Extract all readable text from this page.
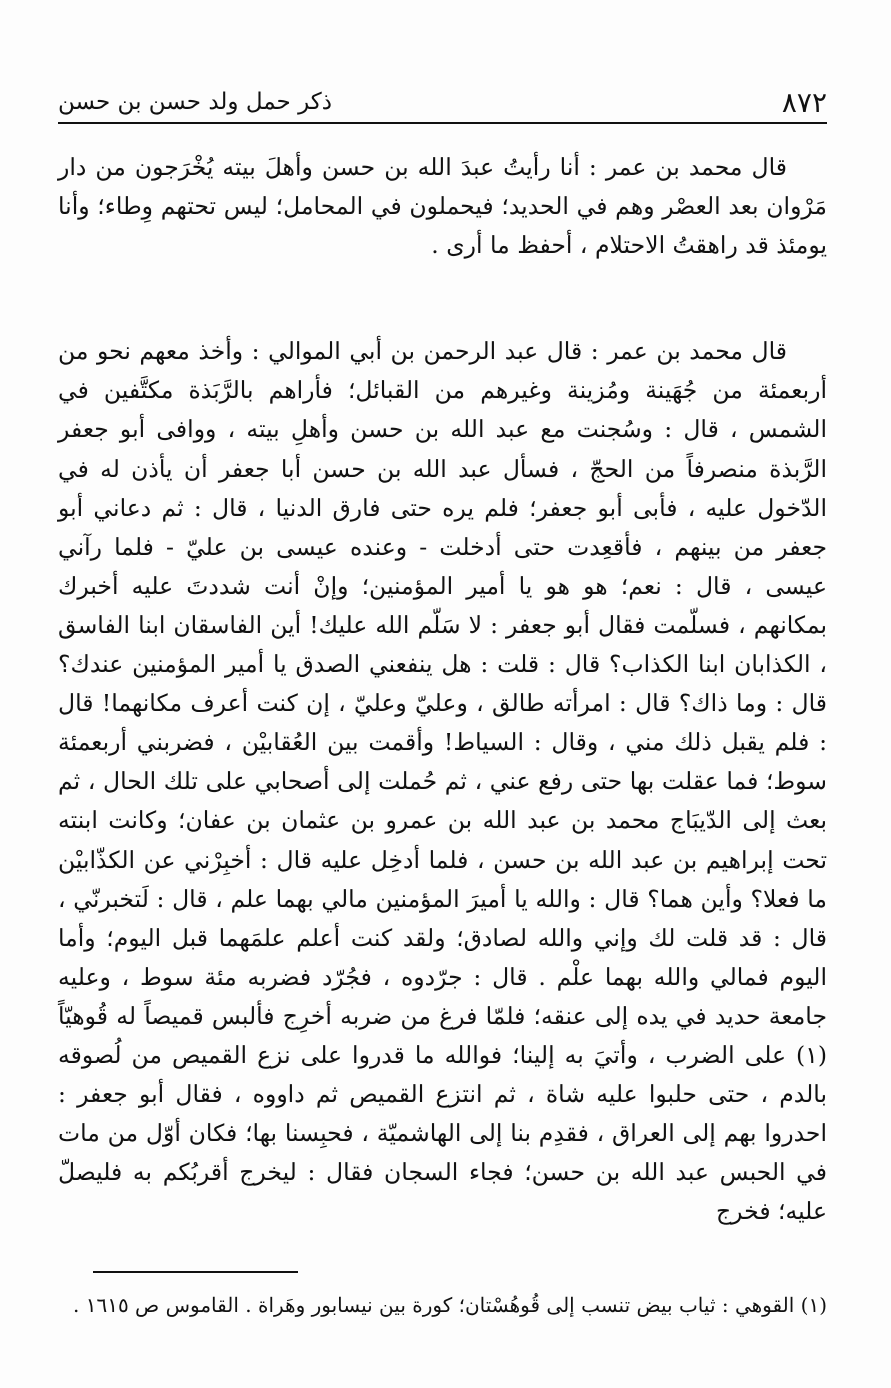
٨٧٢
ذكر حمل ولد حسن بن حسن

قال محمد بن عمر : أنا رأيتُ عبدَ الله بن حسن وأهلَ بيته يُخْرَجون من دار مَرْوان بعد العصْر وهم في الحديد؛ فيحملون في المحامل؛ ليس تحتهم وِطاء؛ وأنا يومئذ قد راهقتُ الاحتلام ، أحفظ ما أرى .

قال محمد بن عمر : قال عبد الرحمن بن أبي الموالي : وأخذ معهم نحو من أربعمئة من جُهَينة ومُزينة وغيرهم من القبائل؛ فأراهم بالرَّبَذة مكتَّفين في الشمس ، قال : وسُجنت مع عبد الله بن حسن وأهلِ بيته ، ووافى أبو جعفر الرَّبذة منصرفاً من الحجّ ، فسأل عبد الله بن حسن أبا جعفر أن يأذن له في الدّخول عليه ، فأبى أبو جعفر؛ فلم يره حتى فارق الدنيا ، قال : ثم دعاني أبو جعفر من بينهم ، فأقعِدت حتى أدخلت - وعنده عيسى بن عليّ - فلما رآني عيسى ، قال : نعم؛ هو هو يا أمير المؤمنين؛ وإنْ أنت شددتَ عليه أخبرك بمكانهم ، فسلّمت فقال أبو جعفر : لا سَلّم الله عليك! أين الفاسقان ابنا الفاسق ، الكذابان ابنا الكذاب؟ قال : قلت : هل ينفعني الصدق يا أمير المؤمنين عندك؟ قال : وما ذاك؟ قال : امرأته طالق ، وعليّ وعليّ ، إن كنت أعرف مكانهما! قال : فلم يقبل ذلك مني ، وقال : السياط! وأقمت بين العُقابيْن ، فضربني أربعمئة سوط؛ فما عقلت بها حتى رفع عني ، ثم حُملت إلى أصحابي على تلك الحال ، ثم بعث إلى الدّيبَاج محمد بن عبد الله بن عمرو بن عثمان بن عفان؛ وكانت ابنته تحت إبراهيم بن عبد الله بن حسن ، فلما أدخِل عليه قال : أخبِرْني عن الكذّابيْن ما فعلا؟ وأين هما؟ قال : والله يا أميرَ المؤمنين مالي بهما علم ، قال : لَتخبرنّي ، قال : قد قلت لك وإني والله لصادق؛ ولقد كنت أعلم علمَهما قبل اليوم؛ وأما اليوم فمالي والله بهما علْم . قال : جرّدوه ، فجُرّد فضربه مئة سوط ، وعليه جامعة حديد في يده إلى عنقه؛ فلمّا فرغ من ضربه أخرِج فألبس قميصاً له قُوهيّاً (١) على الضرب ، وأتيَ به إلينا؛ فوالله ما قدروا على نزع القميص من لُصوقه بالدم ، حتى حلبوا عليه شاة ، ثم انتزع القميص ثم داووه ، فقال أبو جعفر : احدروا بهم إلى العراق ، فقدِم بنا إلى الهاشميّة ، فحبِسنا بها؛ فكان أوّل من مات في الحبس عبد الله بن حسن؛ فجاء السجان فقال : ليخرج أقربُكم به فليصلّ عليه؛ فخرج

(١) القوهي : ثياب بيض تنسب إلى قُوهُسْتان؛ كورة بين نيسابور وهَراة . القاموس ص ١٦١٥ .
